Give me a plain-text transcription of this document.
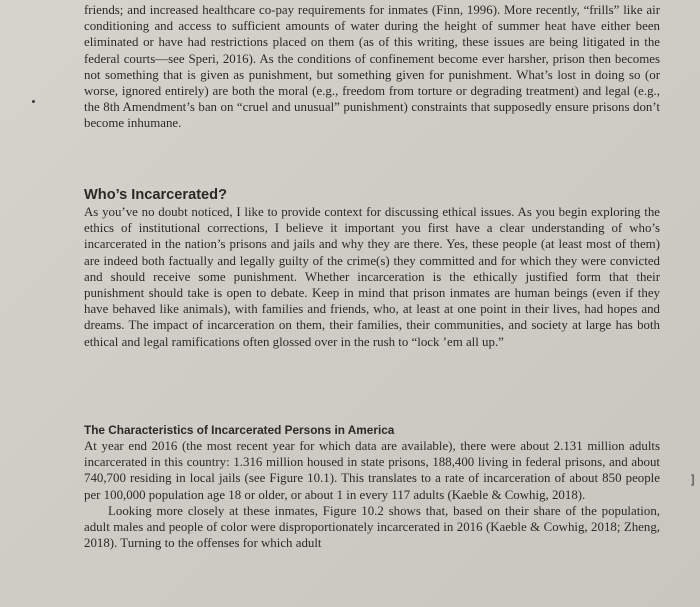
friends; and increased healthcare co-pay requirements for inmates (Finn, 1996). More recently, “frills” like air conditioning and access to sufficient amounts of water during the height of summer heat have either been eliminated or have had restrictions placed on them (as of this writing, these issues are being litigated in the federal courts—see Speri, 2016). As the conditions of confinement become ever harsher, prison then becomes not something that is given as punishment, but something given for punishment. What’s lost in doing so (or worse, ignored entirely) are both the moral (e.g., freedom from torture or degrading treatment) and legal (e.g., the 8th Amendment’s ban on “cruel and unusual” punishment) constraints that supposedly ensure prisons don’t become inhumane.

Who’s Incarcerated?

As you’ve no doubt noticed, I like to provide context for discussing ethical issues. As you begin exploring the ethics of institutional corrections, I believe it important you first have a clear understanding of who’s incarcerated in the nation’s prisons and jails and why they are there. Yes, these people (at least most of them) are indeed both factually and legally guilty of the crime(s) they committed and for which they were convicted and should receive some punishment. Whether incarceration is the ethically justified form that their punishment should take is open to debate. Keep in mind that prison inmates are human beings (even if they have behaved like animals), with families and friends, who, at least at one point in their lives, had hopes and dreams. The impact of incarceration on them, their families, their communities, and society at large has both ethical and legal ramifications often glossed over in the rush to “lock ’em all up.”

The Characteristics of Incarcerated Persons in America

At year end 2016 (the most recent year for which data are available), there were about 2.131 million adults incarcerated in this country: 1.316 million housed in state prisons, 188,400 living in federal prisons, and about 740,700 residing in local jails (see Figure 10.1). This translates to a rate of incarceration of about 850 people per 100,000 population age 18 or older, or about 1 in every 117 adults (Kaeble & Cowhig, 2018).

Looking more closely at these inmates, Figure 10.2 shows that, based on their share of the population, adult males and people of color were disproportionately incarcerated in 2016 (Kaeble & Cowhig, 2018; Zheng, 2018). Turning to the offenses for which adult

]
